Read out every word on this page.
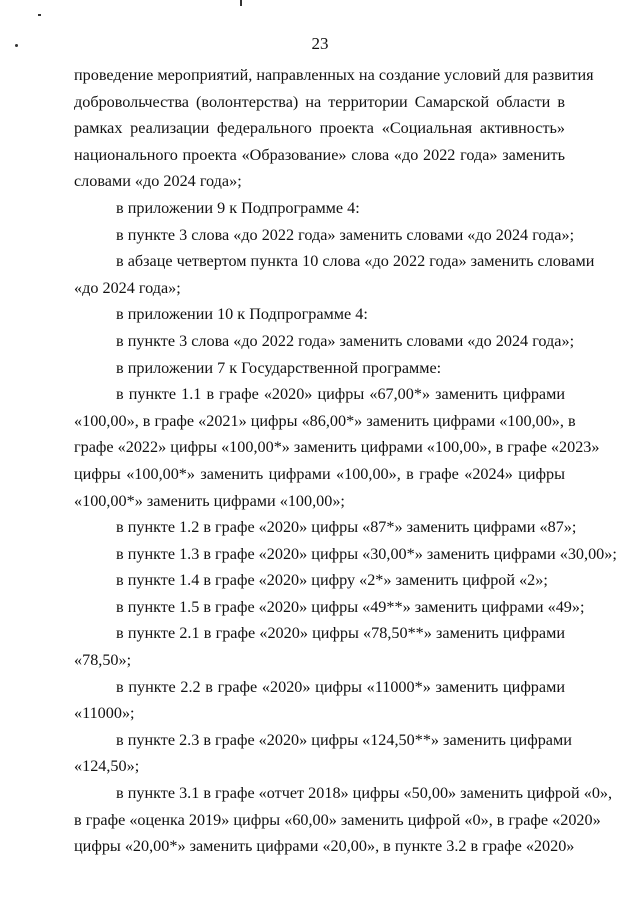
23
проведение мероприятий, направленных на создание условий для развития
добровольчества (волонтерства) на территории Самарской области в
рамках реализации федерального проекта «Социальная активность»
национального проекта «Образование» слова «до 2022 года» заменить
словами «до 2024 года»;
в приложении 9 к Подпрограмме 4:
в пункте 3 слова «до 2022 года» заменить словами «до 2024 года»;
в абзаце четвертом пункта 10 слова «до 2022 года» заменить словами
«до 2024 года»;
в приложении 10 к Подпрограмме 4:
в пункте 3 слова «до 2022 года» заменить словами «до 2024 года»;
в приложении 7 к Государственной программе:
в пункте 1.1 в графе «2020» цифры «67,00*» заменить цифрами
«100,00», в графе «2021» цифры «86,00*» заменить цифрами «100,00», в
графе «2022» цифры «100,00*» заменить цифрами «100,00», в графе «2023»
цифры «100,00*» заменить цифрами «100,00», в графе «2024» цифры
«100,00*» заменить цифрами «100,00»;
в пункте 1.2 в графе «2020» цифры «87*» заменить цифрами «87»;
в пункте 1.3 в графе «2020» цифры «30,00*» заменить цифрами «30,00»;
в пункте 1.4 в графе «2020» цифру «2*» заменить цифрой «2»;
в пункте 1.5 в графе «2020» цифры «49**» заменить цифрами «49»;
в пункте 2.1 в графе «2020» цифры «78,50**» заменить цифрами
«78,50»;
в пункте 2.2 в графе «2020» цифры «11000*» заменить цифрами
«11000»;
в пункте 2.3 в графе «2020» цифры «124,50**» заменить цифрами
«124,50»;
в пункте 3.1 в графе «отчет 2018» цифры «50,00» заменить цифрой «0»,
в графе «оценка 2019» цифры «60,00» заменить цифрой «0», в графе «2020»
цифры «20,00*» заменить цифрами «20,00», в пункте 3.2 в графе «2020»
